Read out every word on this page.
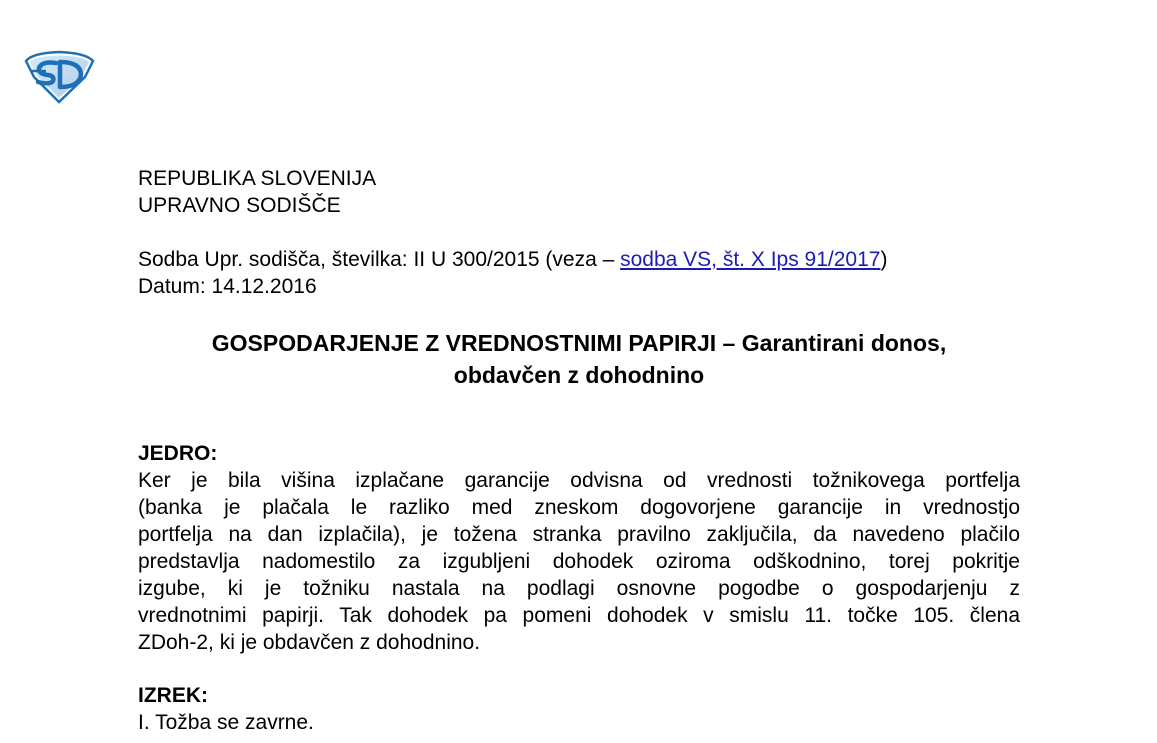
REPUBLIKA SLOVENIJA
UPRAVNO SODIŠČE
Sodba Upr. sodišča, številka: II U 300/2015 (veza – sodba VS, št. X Ips 91/2017)
Datum: 14.12.2016
GOSPODARJENJE Z VREDNOSTNIMI PAPIRJI – Garantirani donos,
obdavčen z dohodnino
JEDRO:
Ker je bila višina izplačane garancije odvisna od vrednosti tožnikovega portfelja
(banka je plačala le razliko med zneskom dogovorjene garancije in vrednostjo
portfelja na dan izplačila), je tožena stranka pravilno zaključila, da navedeno plačilo
predstavlja nadomestilo za izgubljeni dohodek oziroma odškodnino, torej pokritje
izgube, ki je tožniku nastala na podlagi osnovne pogodbe o gospodarjenju z
vrednotnimi papirji. Tak dohodek pa pomeni dohodek v smislu 11. točke 105. člena
ZDoh-2, ki je obdavčen z dohodnino.
IZREK:
I. Tožba se zavrne.
